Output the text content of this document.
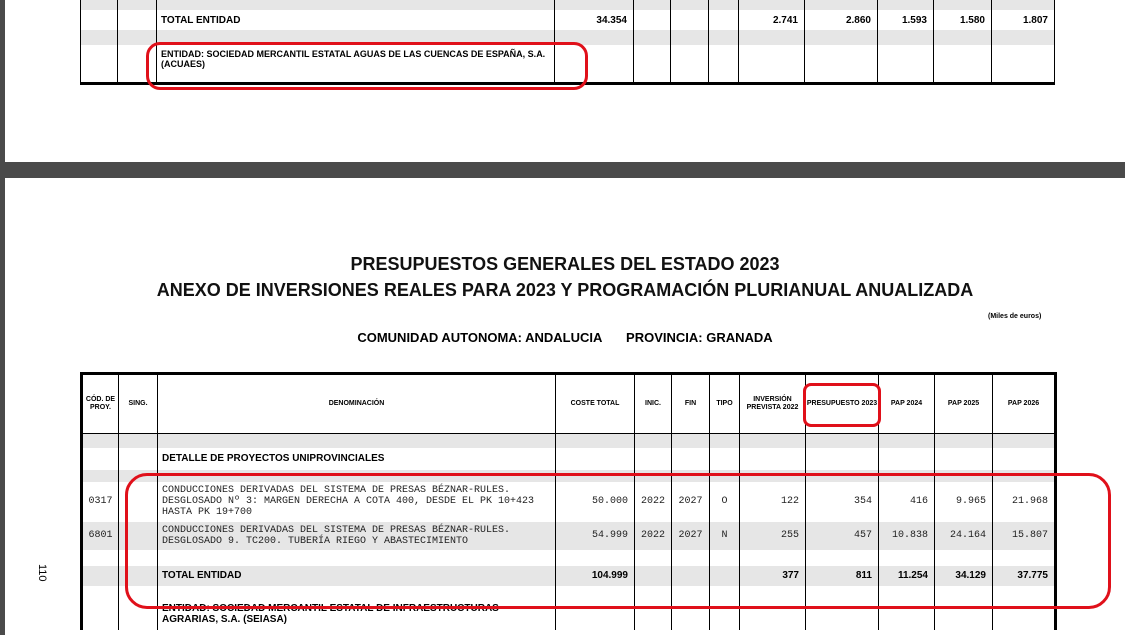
		TOTAL ENTIDAD	34.354				2.741	2.860	1.593	1.580	1.807

		ENTIDAD: SOCIEDAD MERCANTIL ESTATAL AGUAS DE LAS CUENCAS DE ESPAÑA, S.A. (ACUAES)									
PRESUPUESTOS GENERALES DEL ESTADO 2023
ANEXO DE INVERSIONES REALES PARA 2023 Y PROGRAMACIÓN PLURIANUAL ANUALIZADA
(Miles de euros)
COMUNIDAD AUTONOMA: ANDALUCIA PROVINCIA: GRANADA
110
CÓD. DE PROY.	SING.	DENOMINACIÓN	COSTE TOTAL	INIC.	FIN	TIPO	INVERSIÓN PREVISTA 2022	PRESUPUESTO 2023	PAP 2024	PAP 2025	PAP 2026

		DETALLE DE PROYECTOS UNIPROVINCIALES									

0317		CONDUCCIONES DERIVADAS DEL SISTEMA DE PRESAS BÉZNAR-RULES. DESGLOSADO Nº 3: MARGEN DERECHA A COTA 400, DESDE EL PK 10+423 HASTA PK 19+700	50.000	2022	2027	O	122	354	416	9.965	21.968
6801		CONDUCCIONES DERIVADAS DEL SISTEMA DE PRESAS BÉZNAR-RULES. DESGLOSADO 9. TC200. TUBERÍA RIEGO Y ABASTECIMIENTO	54.999	2022	2027	N	255	457	10.838	24.164	15.807

		TOTAL ENTIDAD	104.999				377	811	11.254	34.129	37.775

		ENTIDAD: SOCIEDAD MERCANTIL ESTATAL DE INFRAESTRUCTURAS AGRARIAS, S.A. (SEIASA)									
